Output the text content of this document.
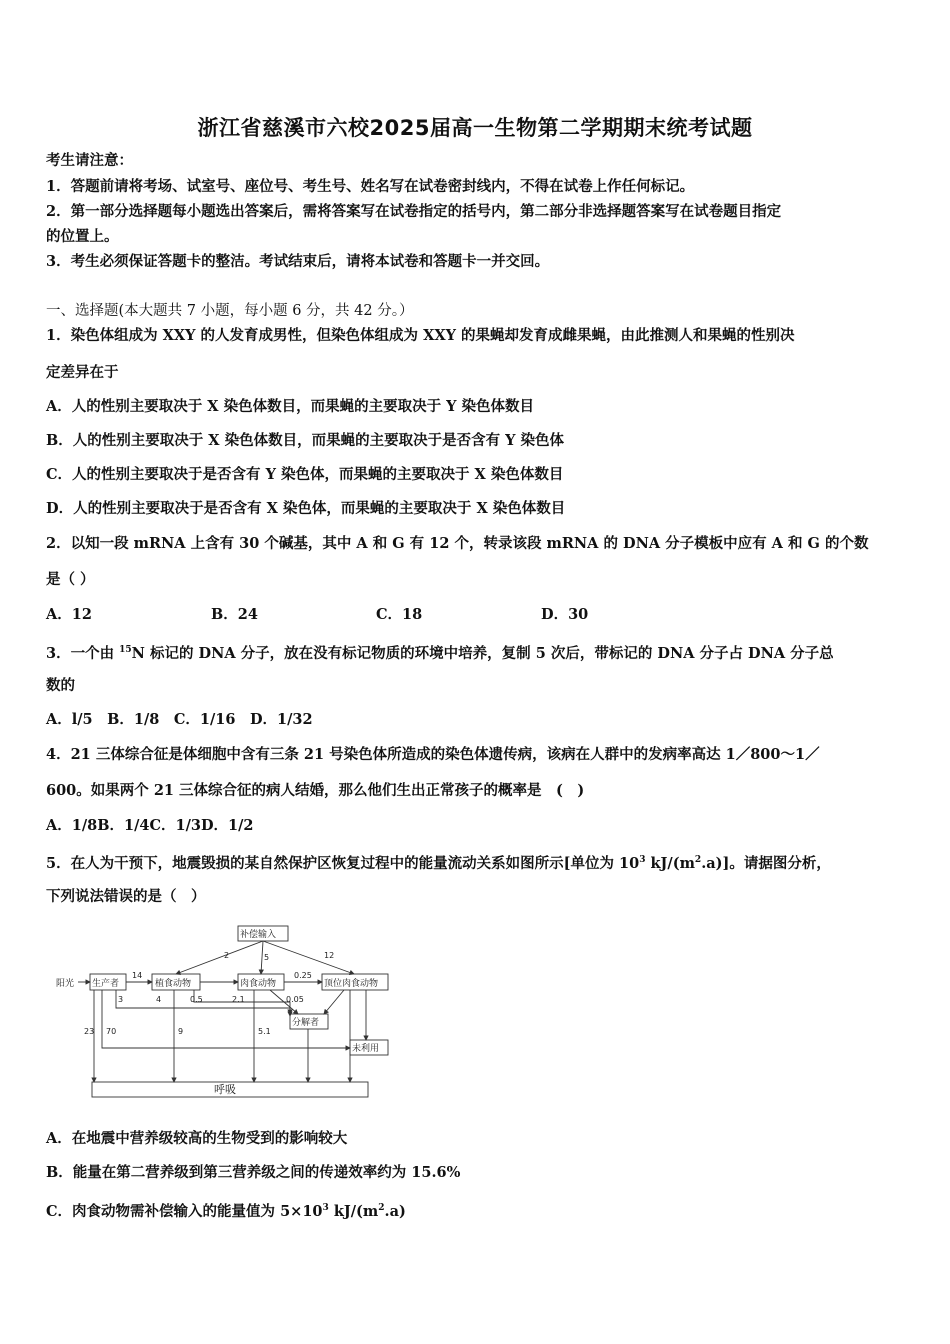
浙江省慈溪市六校2025届高一生物第二学期期末统考试题
考生请注意：
1．答题前请将考场、试室号、座位号、考生号、姓名写在试卷密封线内，不得在试卷上作任何标记。
2．第一部分选择题每小题选出答案后，需将答案写在试卷指定的括号内，第二部分非选择题答案写在试卷题目指定
的位置上。
3．考生必须保证答题卡的整洁。考试结束后，请将本试卷和答题卡一并交回。
一、选择题(本大题共 7 小题，每小题 6 分，共 42 分。）
1．染色体组成为 XXY 的人发育成男性，但染色体组成为 XXY 的果蝇却发育成雌果蝇，由此推测人和果蝇的性别决
定差异在于
A．人的性别主要取决于 X 染色体数目，而果蝇的主要取决于 Y 染色体数目
B．人的性别主要取决于 X 染色体数目，而果蝇的主要取决于是否含有 Y 染色体
C．人的性别主要取决于是否含有 Y 染色体，而果蝇的主要取决于 X 染色体数目
D．人的性别主要取决于是否含有 X 染色体，而果蝇的主要取决于 X 染色体数目
2．以知一段 mRNA 上含有 30 个碱基，其中 A 和 G 有 12 个，转录该段 mRNA 的 DNA 分子模板中应有 A 和 G 的个数
是（ ）
A．12	B．24	C．18	D．30
3．一个由 $^{15}$N 标记的 DNA 分子，放在没有标记物质的环境中培养，复制 5 次后，带标记的 DNA 分子占 DNA 分子总
数的
A．l/5　B．1/8　C．1/16　D．1/32
4．21 三体综合征是体细胞中含有三条 21 号染色体所造成的染色体遗传病，该病在人群中的发病率高达 1／800～1／
600。如果两个 21 三体综合征的病人结婚，那么他们生出正常孩子的概率是　(　)
A．1/8B．1/4C．1/3D．1/2
5．在人为干预下，地震毁损的某自然保护区恢复过程中的能量流动关系如图所示[单位为 $10^3$ $kJ/(m^2.a)$]。请据图分析，
下列说法错误的是（　）
补偿输入
阳光 生产者	植食动物	肉食动物	顶位肉食动物
分解者
未利用
呼吸
14
2	5	12
0.25
0.05
3	4	0.5	2.1
23 70	9	5.1
A．在地震中营养级较高的生物受到的影响较大
B．能量在第二营养级到第三营养级之间的传递效率约为 15.6%
C．肉食动物需补偿输入的能量值为 $5\times 10^3$ $kJ/(m^2.a)$
